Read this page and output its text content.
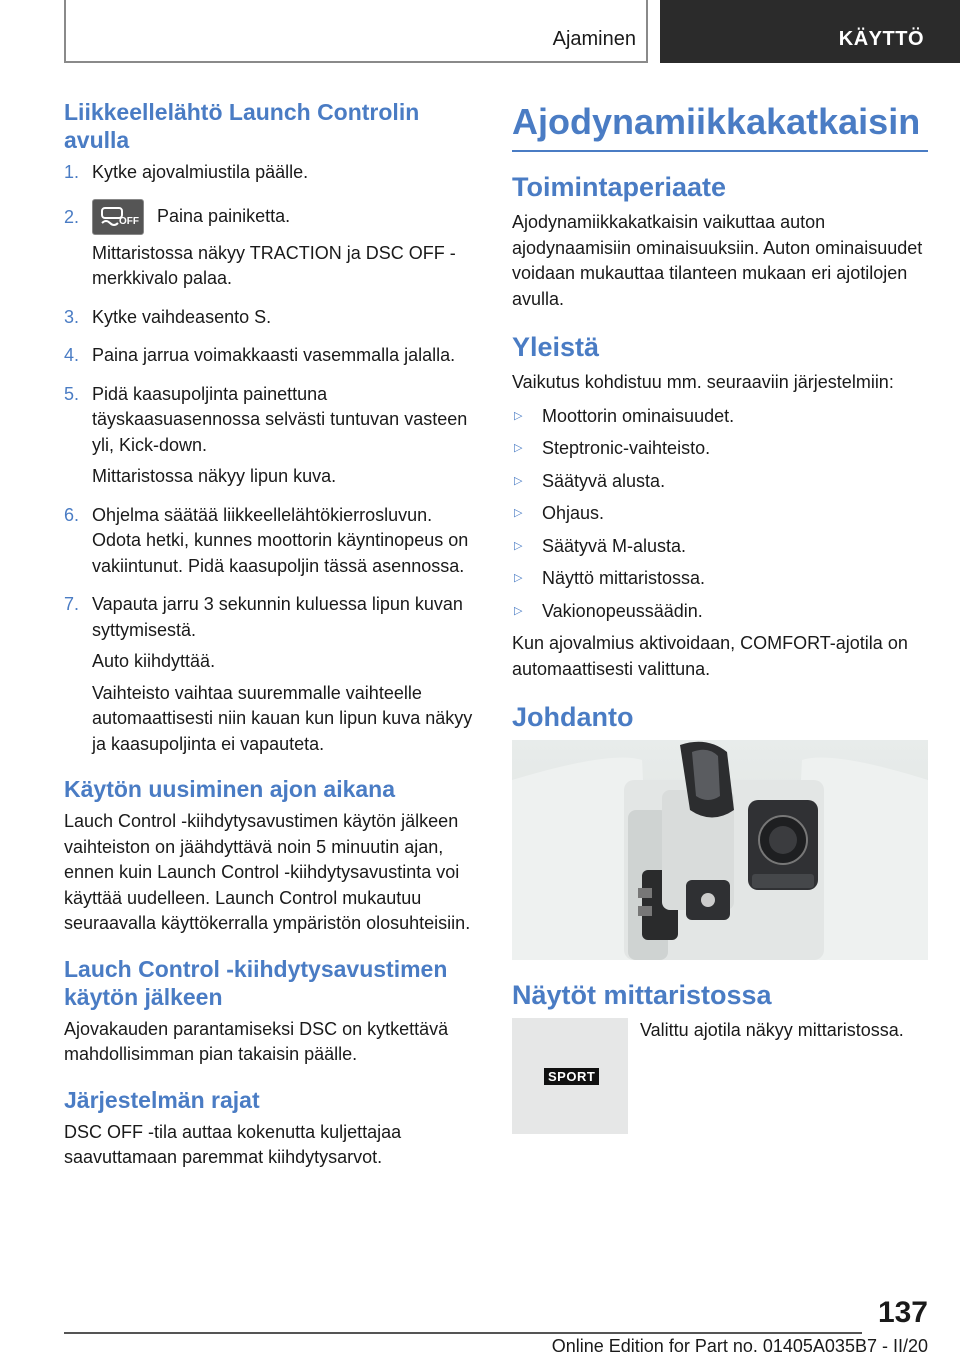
Ajaminen	KÄYTTÖ
Liikkeellelähtö Launch Controlin avulla
1. Kytke ajovalmiustila päälle.

2.	OFF Paina painiketta.

Mittaristossa näkyy TRACTION ja DSC OFF -merkkivalo palaa.

3. Kytke vaihdeasento S.

4. Paina jarrua voimakkaasti vasemmalla jalalla.

5. Pidä kaasupoljinta painettuna täyskaasuasennossa selvästi tuntuvan vasteen yli, Kick-down.

Mittaristossa näkyy lipun kuva.

6. Ohjelma säätää liikkeellelähtökierrosluvun. Odota hetki, kunnes moottorin käyntinopeus on vakiintunut. Pidä kaasupoljin tässä asennossa.

7. Vapauta jarru 3 sekunnin kuluessa lipun kuvan syttymisestä.

Auto kiihdyttää.

Vaihteisto vaihtaa suuremmalle vaihteelle automaattisesti niin kauan kun lipun kuva näkyy ja kaasupoljinta ei vapauteta.

Käytön uusiminen ajon aikana

Lauch Control -kiihdytysavustimen käytön jälkeen vaihteiston on jäähdyttävä noin 5 minuutin ajan, ennen kuin Launch Control -kiihdytysavustinta voi käyttää uudelleen. Launch Control mukautuu seuraavalla käyttökerralla ympäristön olosuhteisiin.

Lauch Control -kiihdytysavustimen käytön jälkeen

Ajovakauden parantamiseksi DSC on kytkettävä mahdollisimman pian takaisin päälle.

Järjestelmän rajat

DSC OFF -tila auttaa kokenutta kuljettajaa saavuttamaan paremmat kiihdytysarvot.

Ajodynamiikkakatkaisin
Toimintaperiaate

Ajodynamiikkakatkaisin vaikuttaa auton ajodynaamisiin ominaisuuksiin. Auton ominaisuudet voidaan mukauttaa tilanteen mukaan eri ajotilojen avulla.

Yleistä

Vaikutus kohdistuu mm. seuraaviin järjestelmiin:

▷	Moottorin ominaisuudet.
▷	Steptronic-vaihteisto.
▷	Säätyvä alusta.
▷	Ohjaus.
▷	Säätyvä M-alusta.
▷	Näyttö mittaristossa.
▷	Vakionopeussäädin.

Kun ajovalmius aktivoidaan, COMFORT-ajotila on automaattisesti valittuna.

Johdanto
Näytöt mittaristossa
SPORT

Valittu ajotila näkyy mittaristossa.

137
Online Edition for Part no. 01405A035B7 - II/20
